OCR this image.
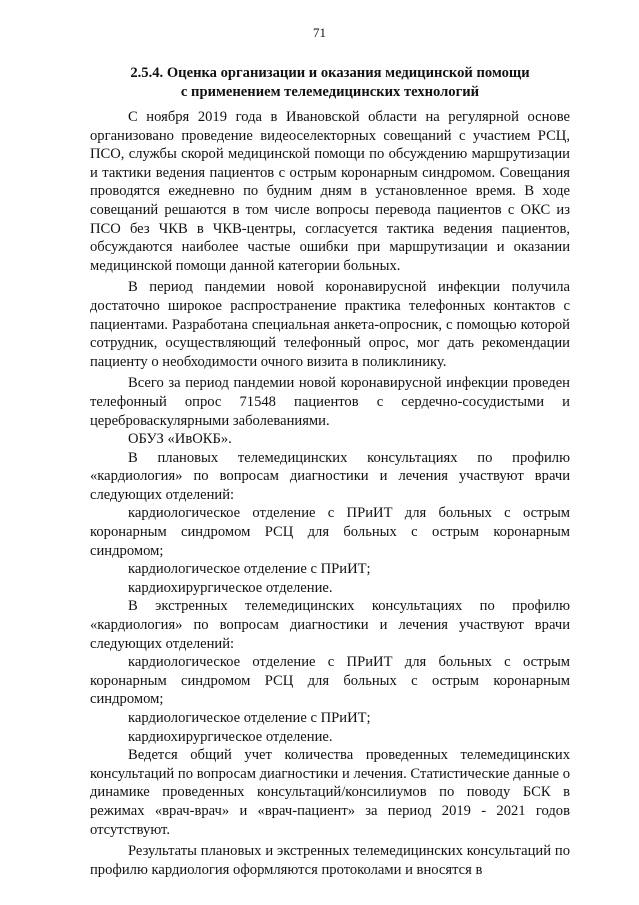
71
2.5.4. Оценка организации и оказания медицинской помощи
с применением телемедицинских технологий

С ноября 2019 года в Ивановской области на регулярной основе организовано проведение видеоселекторных совещаний с участием РСЦ, ПСО, службы скорой медицинской помощи по обсуждению маршрутизации и тактики ведения пациентов с острым коронарным синдромом. Совещания проводятся ежедневно по будним дням в установленное время. В ходе совещаний решаются в том числе вопросы перевода пациентов с ОКС из ПСО без ЧКВ в ЧКВ-центры, согласуется тактика ведения пациентов, обсуждаются наиболее частые ошибки при маршрутизации и оказании медицинской помощи данной категории больных.

В период пандемии новой коронавирусной инфекции получила достаточно широкое распространение практика телефонных контактов с пациентами. Разработана специальная анкета-опросник, с помощью которой сотрудник, осуществляющий телефонный опрос, мог дать рекомендации пациенту о необходимости очного визита в поликлинику.

Всего за период пандемии новой коронавирусной инфекции проведен телефонный опрос 71548 пациентов с сердечно-сосудистыми и цереброваскулярными заболеваниями.

ОБУЗ «ИвОКБ».

В плановых телемедицинских консультациях по профилю «кардиология» по вопросам диагностики и лечения участвуют врачи следующих отделений:

кардиологическое отделение с ПРиИТ для больных с острым коронарным синдромом РСЦ для больных с острым коронарным синдромом;

кардиологическое отделение с ПРиИТ;

кардиохирургическое отделение.

В экстренных телемедицинских консультациях по профилю «кардиология» по вопросам диагностики и лечения участвуют врачи следующих отделений:

кардиологическое отделение с ПРиИТ для больных с острым коронарным синдромом РСЦ для больных с острым коронарным синдромом;

кардиологическое отделение с ПРиИТ;

кардиохирургическое отделение.

Ведется общий учет количества проведенных телемедицинских консультаций по вопросам диагностики и лечения. Статистические данные о динамике проведенных консультаций/консилиумов по поводу БСК в режимах «врач-врач» и «врач-пациент» за период 2019 - 2021 годов отсутствуют.

Результаты плановых и экстренных телемедицинских консультаций по профилю кардиология оформляются протоколами и вносятся в
